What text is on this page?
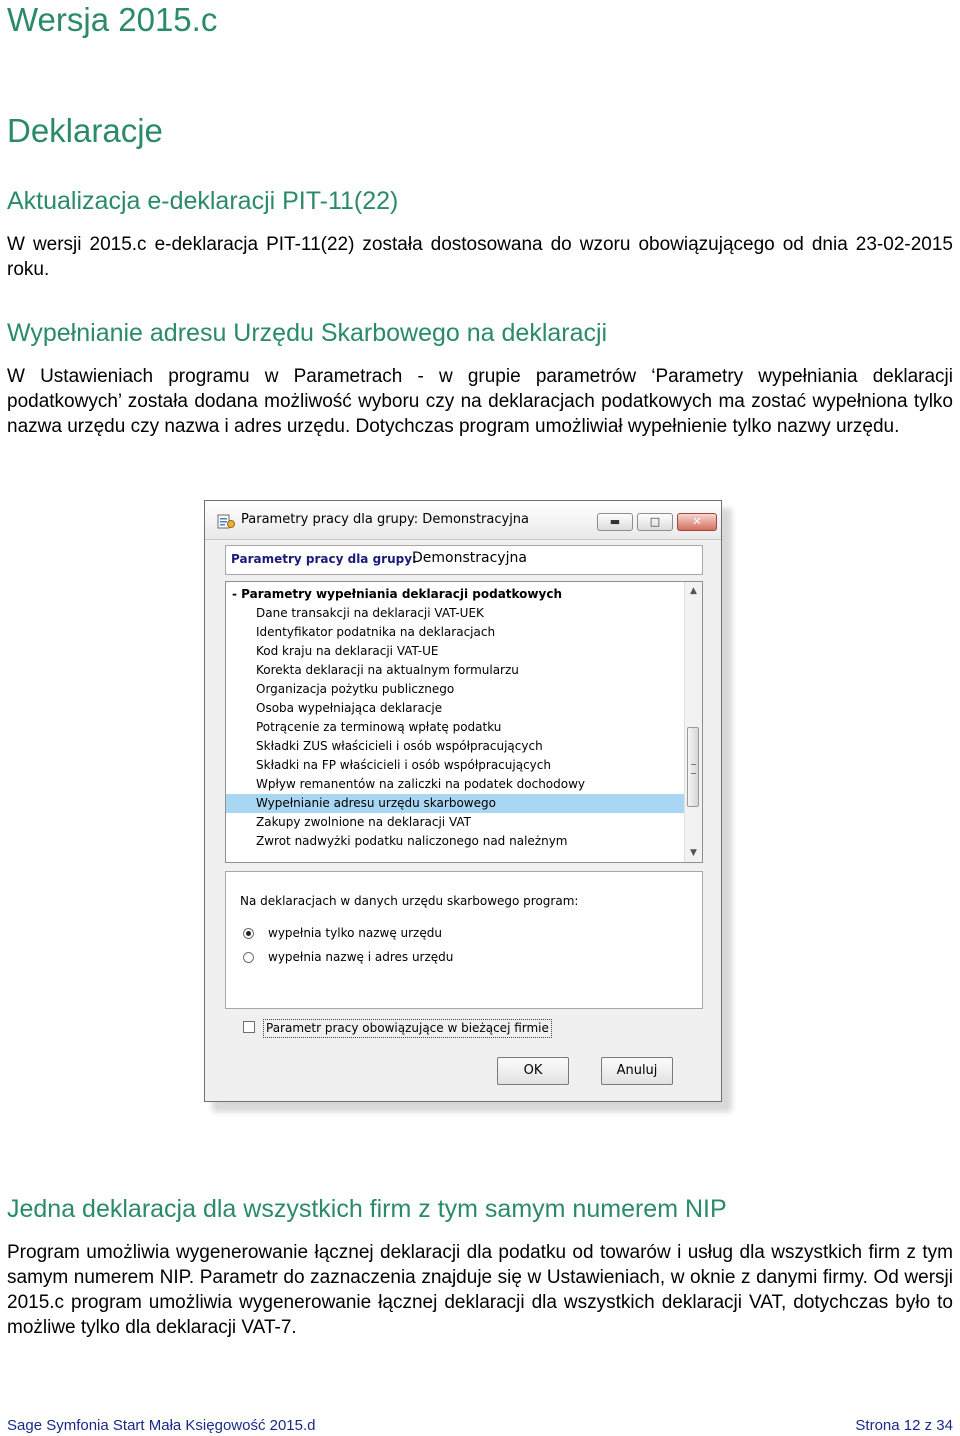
Wersja 2015.c
Deklaracje
Aktualizacja e-deklaracji PIT-11(22)

W wersji 2015.c e-deklaracja PIT-11(22) została dostosowana do wzoru obowiązującego od dnia 23-02-2015 roku.

Wypełnianie adresu Urzędu Skarbowego na deklaracji

W Ustawieniach programu w Parametrach - w grupie parametrów ‘Parametry wypełniania deklaracji podatkowych’ została dodana możliwość wyboru czy na deklaracjach podatkowych ma zostać wypełniona tylko nazwa urzędu czy nazwa i adres urzędu. Dotychczas program umożliwiał wypełnienie tylko nazwy urzędu.

Parametry pracy dla grupy: Demonstracyjna	▬	□	✕
Parametry pracy dla grupy:
Demonstracyjna
- Parametry wypełniania deklaracji podatkowych
Dane transakcji na deklaracji VAT-UEK
Identyfikator podatnika na deklaracjach
Kod kraju na deklaracji VAT-UE
Korekta deklaracji na aktualnym formularzu
Organizacja pożytku publicznego
Osoba wypełniająca deklaracje
Potrącenie za terminową wpłatę podatku
Składki ZUS właścicieli i osób współpracujących
Składki na FP właścicieli i osób współpracujących
Wpływ remanentów na zaliczki na podatek dochodowy
Wypełnianie adresu urzędu skarbowego
Zakupy zwolnione na deklaracji VAT
Zwrot nadwyżki podatku naliczonego nad należnym
▲
▼
Na deklaracjach w danych urzędu skarbowego program:
wypełnia tylko nazwę urzędu
wypełnia nazwę i adres urzędu
Parametr pracy obowiązujące w bieżącej firmie
OK	Anuluj
Jedna deklaracja dla wszystkich firm z tym samym numerem NIP

Program umożliwia wygenerowanie łącznej deklaracji dla podatku od towarów i usług dla wszystkich firm z tym samym numerem NIP. Parametr do zaznaczenia znajduje się w Ustawieniach, w oknie z danymi firmy. Od wersji 2015.c program umożliwia wygenerowanie łącznej deklaracji dla wszystkich deklaracji VAT, dotychczas było to możliwe tylko dla deklaracji VAT-7.

Sage Symfonia Start Mała Księgowość 2015.d	Strona 12 z 34
